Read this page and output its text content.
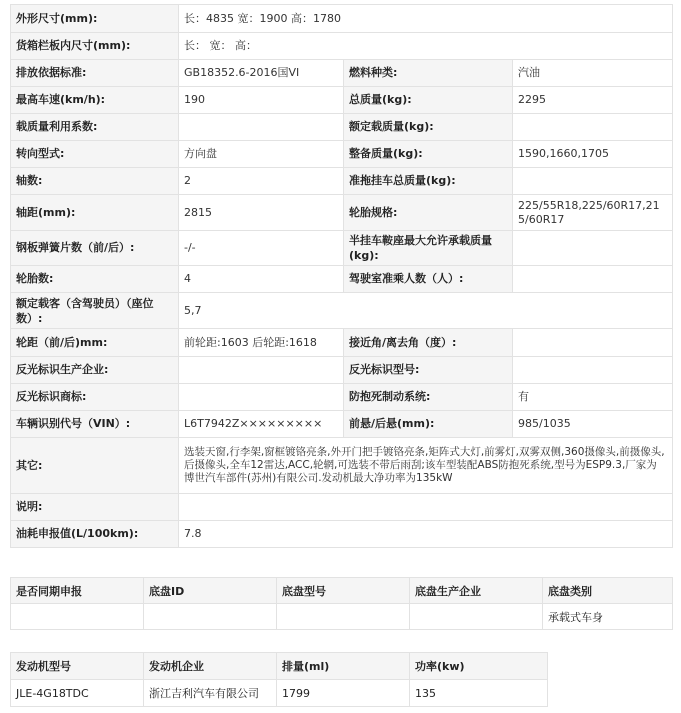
外形尺寸(mm):	长：4835 宽：1900 高：1780		
货箱栏板内尺寸(mm):	长： 宽： 高：		
排放依据标准:	GB18352.6-2016国VI	燃料种类:	汽油
最高车速(km/h):	190	总质量(kg):	2295
载质量利用系数:		额定载质量(kg):	
转向型式:	方向盘	整备质量(kg):	1590,1660,1705
轴数:	2	准拖挂车总质量(kg):	
轴距(mm):	2815	轮胎规格:	225/55R18,225/60R17,215/60R17
钢板弹簧片数（前/后）:	-/-	半挂车鞍座最大允许承载质量(kg):	
轮胎数:	4	驾驶室准乘人数（人）:	
额定载客（含驾驶员）（座位数）:	5,7		
轮距（前/后)mm:	前轮距:1603 后轮距:1618	接近角/离去角（度）:	
反光标识生产企业:		反光标识型号:	
反光标识商标:		防抱死制动系统:	有
车辆识别代号（VIN）:	L6T7942Z×××××××××	前悬/后悬(mm):	985/1035
其它:	选装天窗,行李架,窗框镀铬亮条,外开门把手镀铬亮条,矩阵式大灯,前雾灯,双雾双侧,360摄像头,前摄像头,后摄像头,全车12雷达,ACC,轮辋,可选装不带后雨刮;该车型装配ABS防抱死系统,型号为ESP9.3,厂家为博世汽车部件(苏州)有限公司.发动机最大净功率为135kW		
说明:			
油耗申报值(L/100km):	7.8		
是否同期申报	底盘ID	底盘型号	底盘生产企业	底盘类别
				承载式车身
发动机型号	发动机企业	排量(ml)	功率(kw)
JLE-4G18TDC	浙江吉利汽车有限公司	1799	135
